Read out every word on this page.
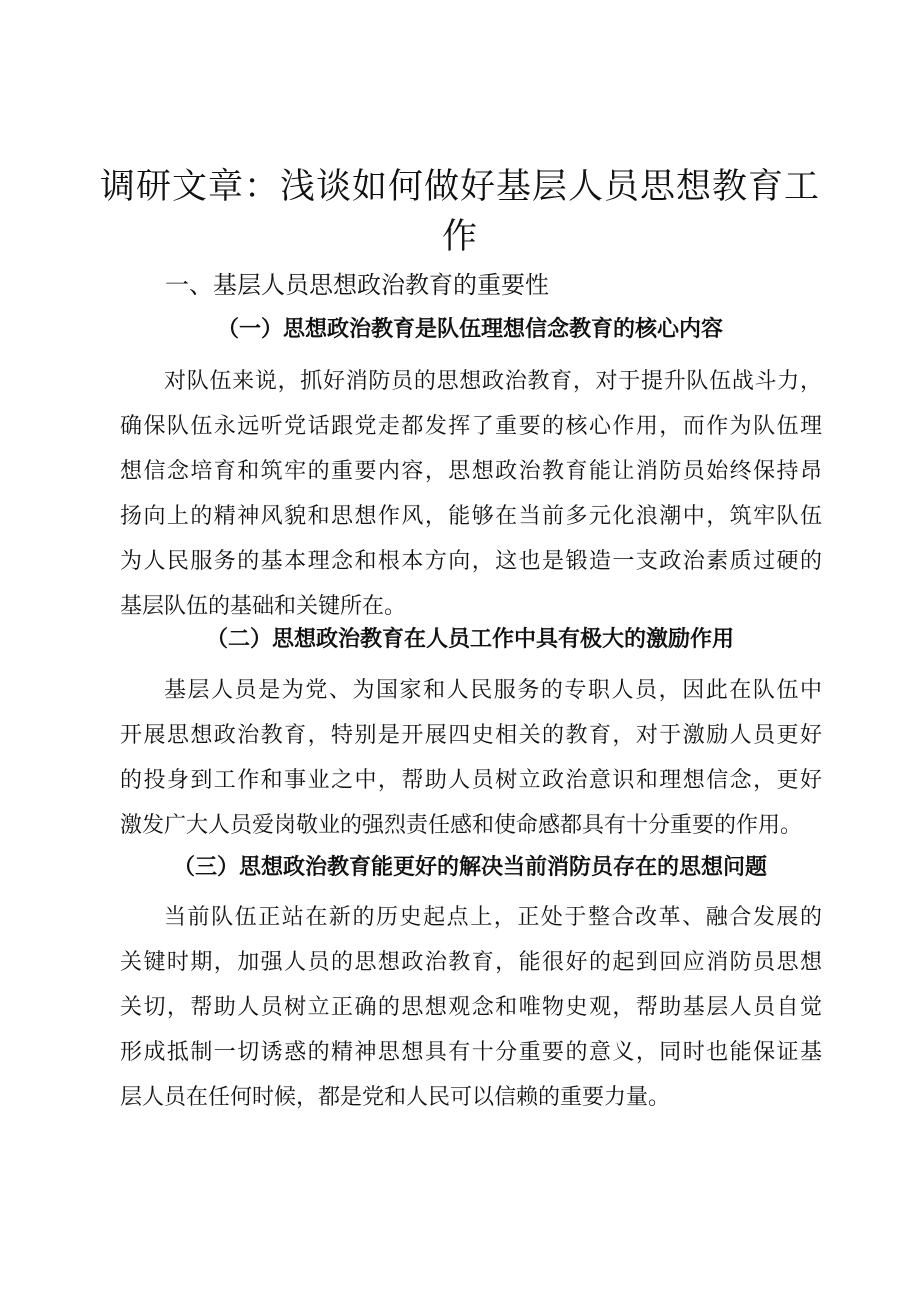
调研文章：浅谈如何做好基层人员思想教育工
作
一、基层人员思想政治教育的重要性
（一）思想政治教育是队伍理想信念教育的核心内容

对队伍来说，抓好消防员的思想政治教育，对于提升队伍战斗力，
确保队伍永远听党话跟党走都发挥了重要的核心作用，而作为队伍理
想信念培育和筑牢的重要内容，思想政治教育能让消防员始终保持昂
扬向上的精神风貌和思想作风，能够在当前多元化浪潮中，筑牢队伍
为人民服务的基本理念和根本方向，这也是锻造一支政治素质过硬的
基层队伍的基础和关键所在。

（二）思想政治教育在人员工作中具有极大的激励作用

基层人员是为党、为国家和人民服务的专职人员，因此在队伍中
开展思想政治教育，特别是开展四史相关的教育，对于激励人员更好
的投身到工作和事业之中，帮助人员树立政治意识和理想信念，更好
激发广大人员爱岗敬业的强烈责任感和使命感都具有十分重要的作用。

（三）思想政治教育能更好的解决当前消防员存在的思想问题

当前队伍正站在新的历史起点上，正处于整合改革、融合发展的
关键时期，加强人员的思想政治教育，能很好的起到回应消防员思想
关切，帮助人员树立正确的思想观念和唯物史观，帮助基层人员自觉
形成抵制一切诱惑的精神思想具有十分重要的意义，同时也能保证基
层人员在任何时候，都是党和人民可以信赖的重要力量。
